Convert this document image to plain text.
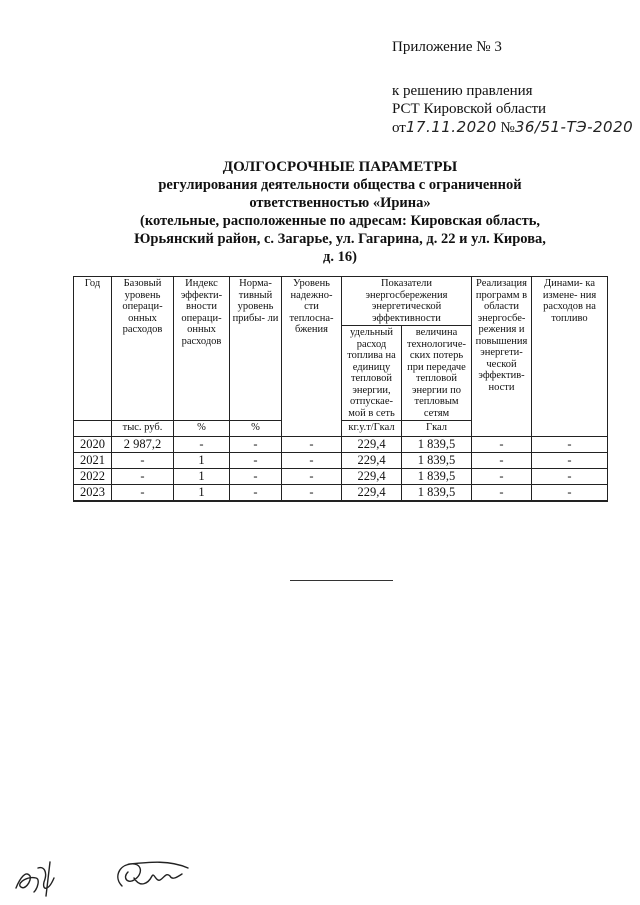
Приложение № 3
к решению правления
РСТ Кировской области
от17.11.2020 №36/51-ТЭ-2020
ДОЛГОСРОЧНЫЕ ПАРАМЕТРЫ
регулирования деятельности общества с ограниченной
ответственностью «Ирина»
(котельные, расположенные по адресам: Кировская область,
Юрьянский район, с. Загарье, ул. Гагарина, д. 22 и ул. Кирова,
д. 16)
Год	Базовый уровень операци- онных расходов	Индекс эффекти- вности операци- онных расходов	Норма- тивный уровень прибы- ли	Уровень надежно- сти теплосна- бжения	Показатели энергосбережения энергетической эффективности		Реализация программ в области энергосбе- режения и повышения энергети- ческой эффектив- ности	Динами- ка измене- ния расходов на топливо
					удельный расход топлива на единицу тепловой энергии, отпускае- мой в сеть	величина технологиче- ских потерь при передаче тепловой энергии по тепловым сетям		
	тыс. руб.	%	%		кг.у.т/Гкал	Гкал		
2020	2 987,2	-	-	-	229,4	1 839,5	-	-
2021	-	1	-	-	229,4	1 839,5	-	-
2022	-	1	-	-	229,4	1 839,5	-	-
2023	-	1	-	-	229,4	1 839,5	-	-
